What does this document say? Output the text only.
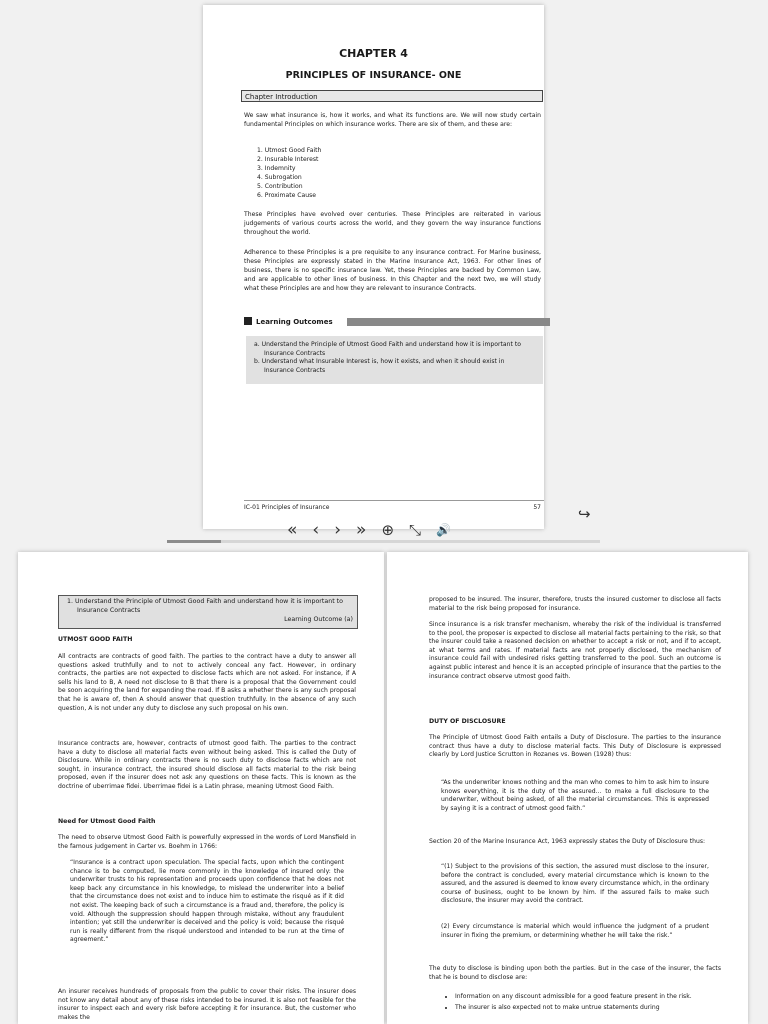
CHAPTER 4
PRINCIPLES OF INSURANCE- ONE
Chapter Introduction
We saw what insurance is, how it works, and what its functions are. We will now study certain fundamental Principles on which insurance works. There are six of them, and these are:
1. Utmost Good Faith
2. Insurable Interest
3. Indemnity
4. Subrogation
5. Contribution
6. Proximate Cause
These Principles have evolved over centuries. These Principles are reiterated in various judgements of various courts across the world, and they govern the way insurance functions throughout the world.
Adherence to these Principles is a pre requisite to any insurance contract. For Marine business, these Principles are expressly stated in the Marine Insurance Act, 1963. For other lines of business, there is no specific insurance law. Yet, these Principles are backed by Common Law, and are applicable to other lines of business. In this Chapter and the next two, we will study what these Principles are and how they are relevant to insurance Contracts.
Learning Outcomes
a. Understand the Principle of Utmost Good Faith and understand how it is important to Insurance Contracts
b. Understand what Insurable Interest is, how it exists, and when it should exist in Insurance Contracts
IC-01 Principles of Insurance	57 ↪
« ‹ › » ⊕ ⤡ 🔊
1. Understand the Principle of Utmost Good Faith and understand how it is important to Insurance Contracts
Learning Outcome (a)
UTMOST GOOD FAITH
All contracts are contracts of good faith. The parties to the contract have a duty to answer all questions asked truthfully and to not to actively conceal any fact. However, in ordinary contracts, the parties are not expected to disclose facts which are not asked. For instance, if A sells his land to B, A need not disclose to B that there is a proposal that the Government could be soon acquiring the land for expanding the road. If B asks a whether there is any such proposal that he is aware of, then A should answer that question truthfully. In the absence of any such question, A is not under any duty to disclose any such proposal on his own.
Insurance contracts are, however, contracts of utmost good faith. The parties to the contract have a duty to disclose all material facts even without being asked. This is called the Duty of Disclosure. While in ordinary contracts there is no such duty to disclose facts which are not sought, in insurance contract, the insured should disclose all facts material to the risk being proposed, even if the insurer does not ask any questions on these facts. This is known as the doctrine of uberrimae fidei. Uberrimae fidei is a Latin phrase, meaning Utmost Good Faith.
Need for Utmost Good Faith
The need to observe Utmost Good Faith is powerfully expressed in the words of Lord Mansfield in the famous judgement in Carter vs. Boehm in 1766:
“Insurance is a contract upon speculation. The special facts, upon which the contingent chance is to be computed, lie more commonly in the knowledge of insured only: the underwriter trusts to his representation and proceeds upon confidence that he does not keep back any circumstance in his knowledge, to mislead the underwriter into a belief that the circumstance does not exist and to induce him to estimate the risqué as if it did not exist. The keeping back of such a circumstance is a fraud and, therefore, the policy is void. Although the suppression should happen through mistake, without any fraudulent intention; yet still the underwriter is deceived and the policy is void; because the risqué run is really different from the risqué understood and intended to be run at the time of agreement.”
An insurer receives hundreds of proposals from the public to cover their risks. The insurer does not know any detail about any of these risks intended to be insured. It is also not feasible for the insurer to inspect each and every risk before accepting it for insurance. But, the customer who makes the
proposed to be insured. The insurer, therefore, trusts the insured customer to disclose all facts material to the risk being proposed for insurance.
Since insurance is a risk transfer mechanism, whereby the risk of the individual is transferred to the pool, the proposer is expected to disclose all material facts pertaining to the risk, so that the insurer could take a reasoned decision on whether to accept a risk or not, and if to accept, at what terms and rates. If material facts are not properly disclosed, the mechanism of insurance could fail with undesired risks getting transferred to the pool. Such an outcome is against public interest and hence it is an accepted principle of insurance that the parties to the insurance contract observe utmost good faith.
DUTY OF DISCLOSURE
The Principle of Utmost Good Faith entails a Duty of Disclosure. The parties to the insurance contract thus have a duty to disclose material facts. This Duty of Disclosure is expressed clearly by Lord Justice Scrutton in Rozanes vs. Bowen (1928) thus:
“As the underwriter knows nothing and the man who comes to him to ask him to insure knows everything, it is the duty of the assured… to make a full disclosure to the underwriter, without being asked, of all the material circumstances. This is expressed by saying it is a contract of utmost good faith.”
Section 20 of the Marine Insurance Act, 1963 expressly states the Duty of Disclosure thus:
“(1) Subject to the provisions of this section, the assured must disclose to the insurer, before the contract is concluded, every material circumstance which is known to the assured, and the assured is deemed to know every circumstance which, in the ordinary course of business, ought to be known by him. If the assured fails to make such disclosure, the insurer may avoid the contract.
(2) Every circumstance is material which would influence the judgment of a prudent insurer in fixing the premium, or determining whether he will take the risk.”
The duty to disclose is binding upon both the parties. But in the case of the insurer, the facts that he is bound to disclose are:
• Information on any discount admissible for a good feature present in the risk.
• The insurer is also expected not to make untrue statements during
